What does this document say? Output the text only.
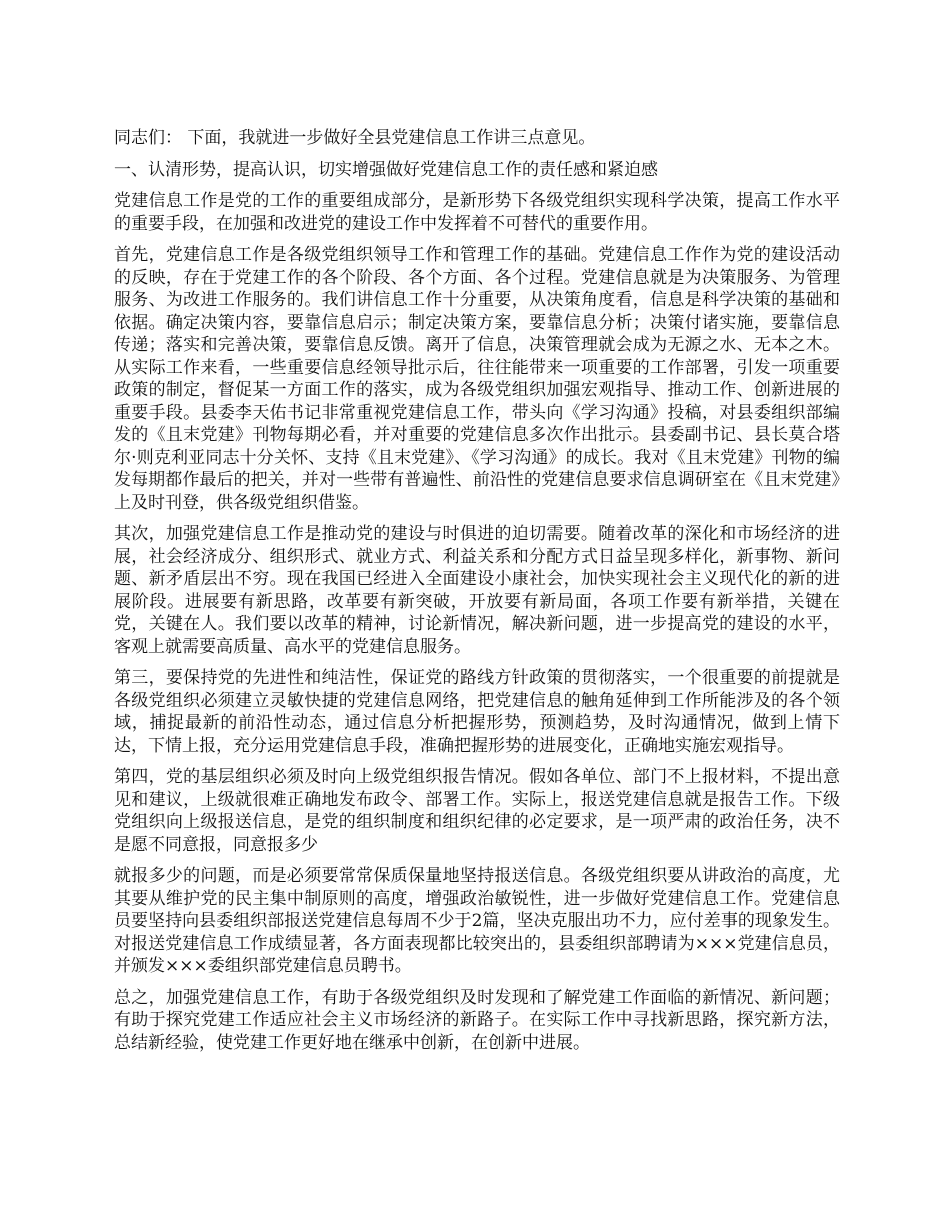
同志们： 下面，我就进一步做好全县党建信息工作讲三点意见。

一、认清形势，提高认识，切实增强做好党建信息工作的责任感和紧迫感

党建信息工作是党的工作的重要组成部分，是新形势下各级党组织实现科学决策，提高工作水平的重要手段，在加强和改进党的建设工作中发挥着不可替代的重要作用。

首先，党建信息工作是各级党组织领导工作和管理工作的基础。党建信息工作作为党的建设活动的反映，存在于党建工作的各个阶段、各个方面、各个过程。党建信息就是为决策服务、为管理服务、为改进工作服务的。我们讲信息工作十分重要，从决策角度看，信息是科学决策的基础和依据。确定决策内容，要靠信息启示；制定决策方案，要靠信息分析；决策付诸实施，要靠信息传递；落实和完善决策，要靠信息反馈。离开了信息，决策管理就会成为无源之水、无本之木。从实际工作来看，一些重要信息经领导批示后，往往能带来一项重要的工作部署，引发一项重要政策的制定，督促某一方面工作的落实，成为各级党组织加强宏观指导、推动工作、创新进展的重要手段。县委李天佑书记非常重视党建信息工作，带头向《学习沟通》投稿，对县委组织部编发的《且末党建》刊物每期必看，并对重要的党建信息多次作出批示。县委副书记、县长莫合塔尔·则克利亚同志十分关怀、支持《且末党建》、《学习沟通》的成长。我对《且末党建》刊物的编发每期都作最后的把关，并对一些带有普遍性、前沿性的党建信息要求信息调研室在《且末党建》上及时刊登，供各级党组织借鉴。

其次，加强党建信息工作是推动党的建设与时俱进的迫切需要。随着改革的深化和市场经济的进展，社会经济成分、组织形式、就业方式、利益关系和分配方式日益呈现多样化，新事物、新问题、新矛盾层出不穷。现在我国已经进入全面建设小康社会，加快实现社会主义现代化的新的进展阶段。进展要有新思路，改革要有新突破，开放要有新局面，各项工作要有新举措，关键在党，关键在人。我们要以改革的精神，讨论新情况，解决新问题，进一步提高党的建设的水平，客观上就需要高质量、高水平的党建信息服务。

第三，要保持党的先进性和纯洁性，保证党的路线方针政策的贯彻落实，一个很重要的前提就是各级党组织必须建立灵敏快捷的党建信息网络，把党建信息的触角延伸到工作所能涉及的各个领域，捕捉最新的前沿性动态，通过信息分析把握形势，预测趋势，及时沟通情况，做到上情下达，下情上报，充分运用党建信息手段，准确把握形势的进展变化，正确地实施宏观指导。

第四，党的基层组织必须及时向上级党组织报告情况。假如各单位、部门不上报材料，不提出意见和建议，上级就很难正确地发布政令、部署工作。实际上，报送党建信息就是报告工作。下级党组织向上级报送信息，是党的组织制度和组织纪律的必定要求，是一项严肃的政治任务，决不是愿不同意报，同意报多少

就报多少的问题，而是必须要常常保质保量地坚持报送信息。各级党组织要从讲政治的高度，尤其要从维护党的民主集中制原则的高度，增强政治敏锐性，进一步做好党建信息工作。党建信息员要坚持向县委组织部报送党建信息每周不少于2篇，坚决克服出功不力，应付差事的现象发生。对报送党建信息工作成绩显著，各方面表现都比较突出的，县委组织部聘请为×××党建信息员，并颁发×××委组织部党建信息员聘书。

总之，加强党建信息工作，有助于各级党组织及时发现和了解党建工作面临的新情况、新问题；有助于探究党建工作适应社会主义市场经济的新路子。在实际工作中寻找新思路，探究新方法，总结新经验，使党建工作更好地在继承中创新，在创新中进展。
